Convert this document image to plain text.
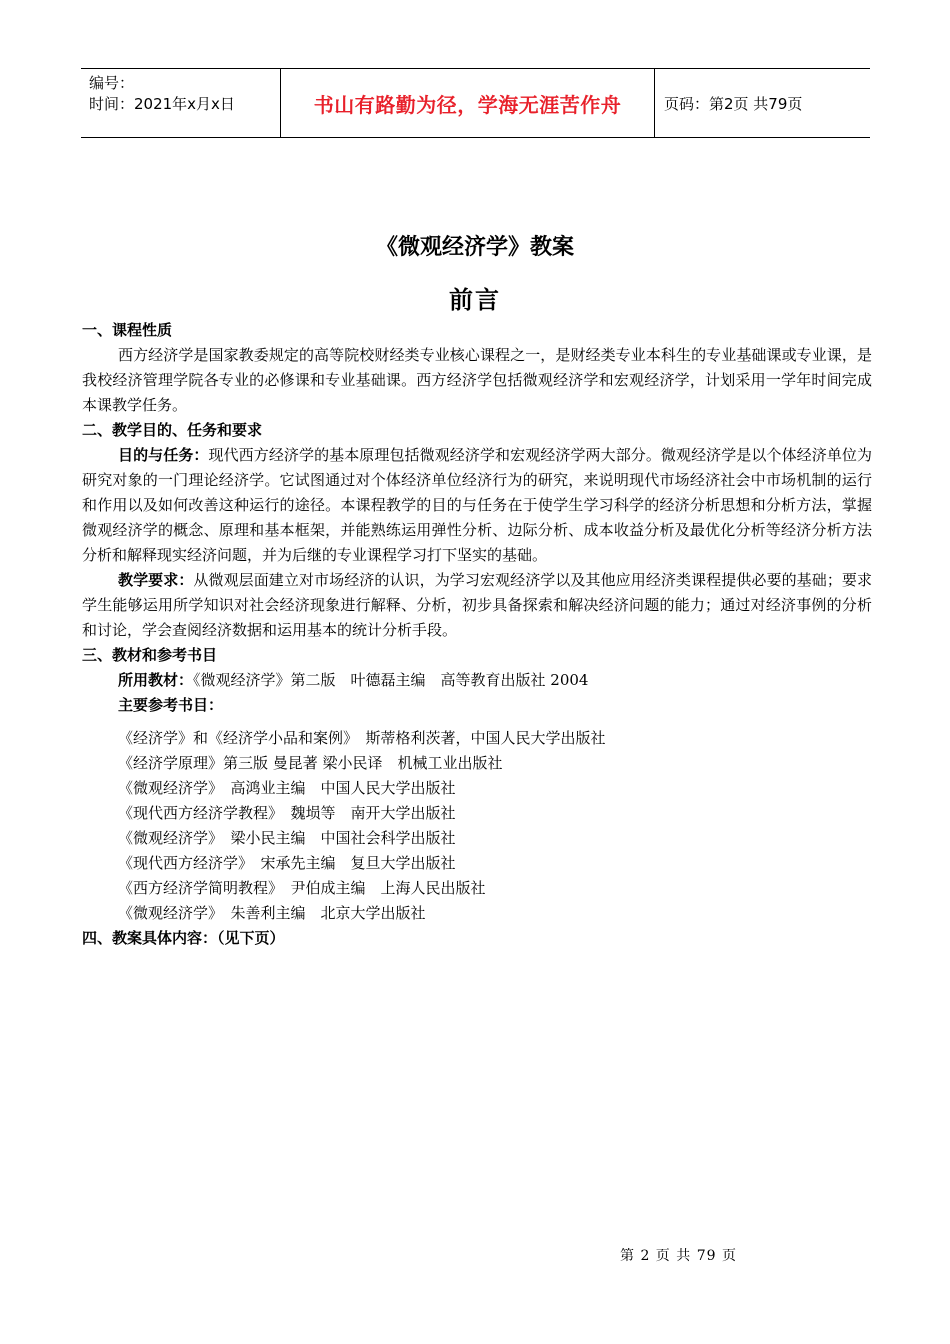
编号：
时间：2021年x月x日	书山有路勤为径，学海无涯苦作舟	页码：第2页 共79页
《微观经济学》教案
前言

一、课程性质

西方经济学是国家教委规定的高等院校财经类专业核心课程之一，是财经类专业本科生的专业基础课或专业课，是我校经济管理学院各专业的必修课和专业基础课。西方经济学包括微观经济学和宏观经济学，计划采用一学年时间完成本课教学任务。

二、教学目的、任务和要求

目的与任务：现代西方经济学的基本原理包括微观经济学和宏观经济学两大部分。微观经济学是以个体经济单位为研究对象的一门理论经济学。它试图通过对个体经济单位经济行为的研究，来说明现代市场经济社会中市场机制的运行和作用以及如何改善这种运行的途径。本课程教学的目的与任务在于使学生学习科学的经济分析思想和分析方法，掌握微观经济学的概念、原理和基本框架，并能熟练运用弹性分析、边际分析、成本收益分析及最优化分析等经济分析方法分析和解释现实经济问题，并为后继的专业课程学习打下坚实的基础。

教学要求：从微观层面建立对市场经济的认识，为学习宏观经济学以及其他应用经济类课程提供必要的基础；要求学生能够运用所学知识对社会经济现象进行解释、分析，初步具备探索和解决经济问题的能力；通过对经济事例的分析和讨论，学会查阅经济数据和运用基本的统计分析手段。

三、教材和参考书目

所用教材：《微观经济学》第二版　叶德磊主编　高等教育出版社 2004

主要参考书目：

《经济学》和《经济学小品和案例》　斯蒂格利茨著，中国人民大学出版社
《经济学原理》第三版 曼昆著 梁小民译　机械工业出版社
《微观经济学》　高鸿业主编　中国人民大学出版社
《现代西方经济学教程》　魏埙等　南开大学出版社
《微观经济学》　梁小民主编　中国社会科学出版社
《现代西方经济学》　宋承先主编　复旦大学出版社
《西方经济学简明教程》　尹伯成主编　上海人民出版社
《微观经济学》　朱善利主编　北京大学出版社

四、教案具体内容：（见下页）

第 2 页 共 79 页
